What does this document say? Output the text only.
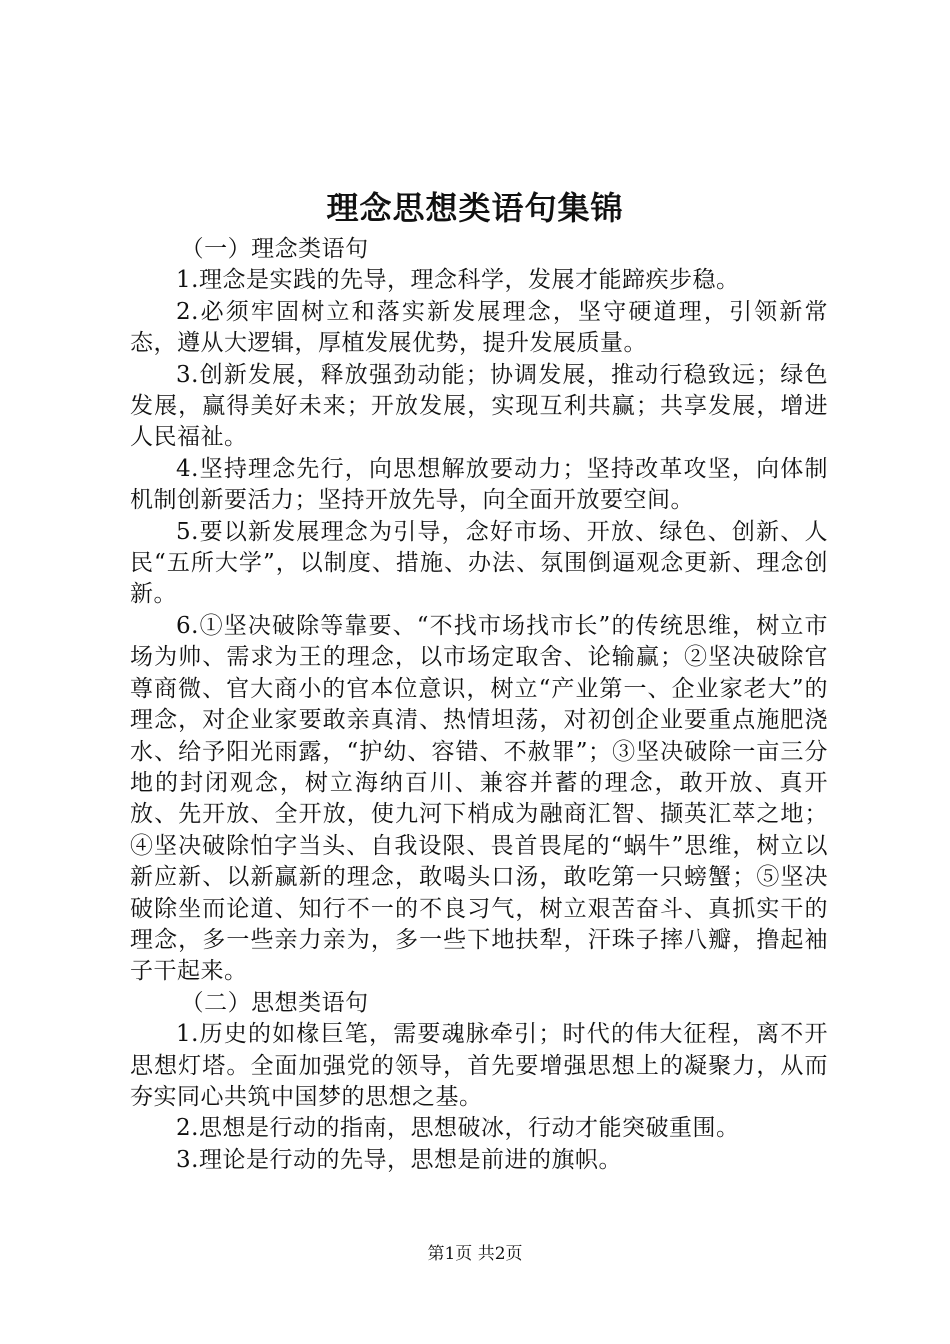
理念思想类语句集锦

（一）理念类语句

1.理念是实践的先导，理念科学，发展才能蹄疾步稳。

2.必须牢固树立和落实新发展理念，坚守硬道理，引领新常态，遵从大逻辑，厚植发展优势，提升发展质量。

3.创新发展，释放强劲动能；协调发展，推动行稳致远；绿色发展，赢得美好未来；开放发展，实现互利共赢；共享发展，增进人民福祉。

4.坚持理念先行，向思想解放要动力；坚持改革攻坚，向体制机制创新要活力；坚持开放先导，向全面开放要空间。

5.要以新发展理念为引导，念好市场、开放、绿色、创新、人民“五所大学”，以制度、措施、办法、氛围倒逼观念更新、理念创新。

6.①坚决破除等靠要、“不找市场找市长”的传统思维，树立市场为帅、需求为王的理念，以市场定取舍、论输赢；②坚决破除官尊商微、官大商小的官本位意识，树立“产业第一、企业家老大”的理念，对企业家要敢亲真清、热情坦荡，对初创企业要重点施肥浇水、给予阳光雨露，“护幼、容错、不赦罪”；③坚决破除一亩三分地的封闭观念，树立海纳百川、兼容并蓄的理念，敢开放、真开放、先开放、全开放，使九河下梢成为融商汇智、撷英汇萃之地；④坚决破除怕字当头、自我设限、畏首畏尾的“蜗牛”思维，树立以新应新、以新赢新的理念，敢喝头口汤，敢吃第一只螃蟹；⑤坚决破除坐而论道、知行不一的不良习气，树立艰苦奋斗、真抓实干的理念，多一些亲力亲为，多一些下地扶犁，汗珠子摔八瓣，撸起袖子干起来。

（二）思想类语句

1.历史的如椽巨笔，需要魂脉牵引；时代的伟大征程，离不开思想灯塔。全面加强党的领导，首先要增强思想上的凝聚力，从而夯实同心共筑中国梦的思想之基。

2.思想是行动的指南，思想破冰，行动才能突破重围。

3.理论是行动的先导，思想是前进的旗帜。

第1页 共2页
